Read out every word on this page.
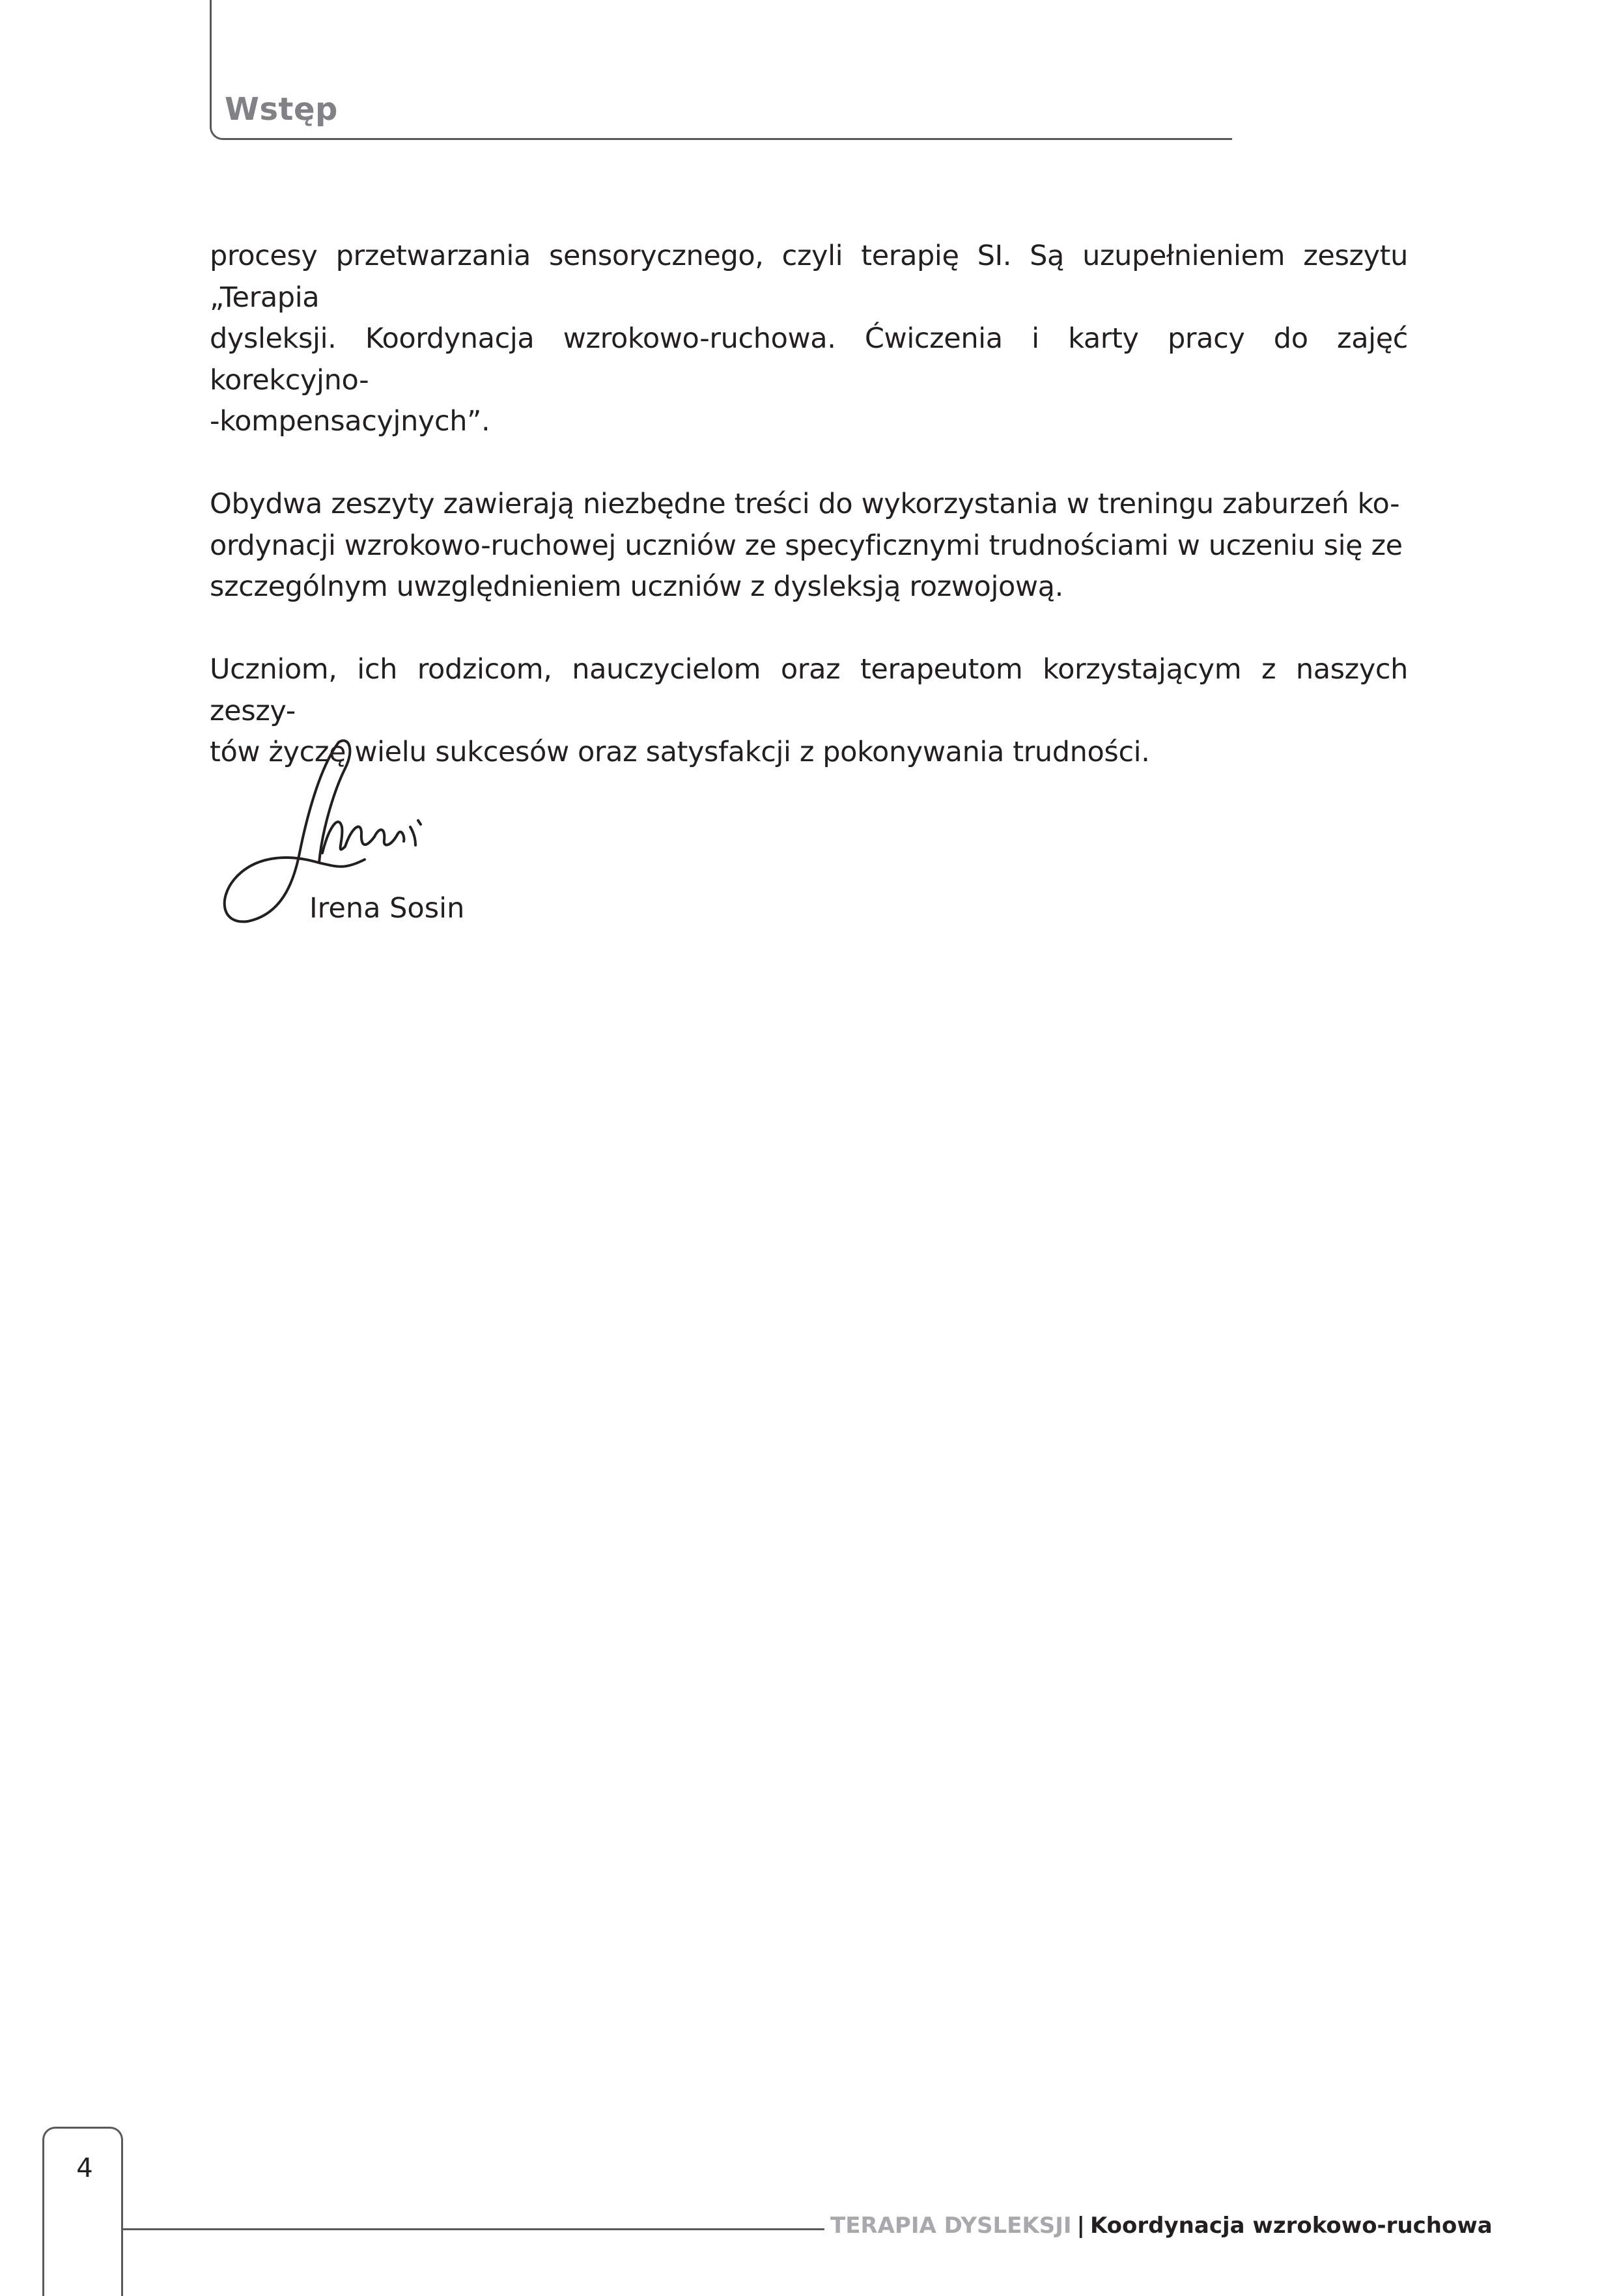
Wstęp

procesy przetwarzania sensorycznego, czyli terapię SI. Są uzupełnieniem zeszytu „Terapia
dysleksji. Koordynacja wzrokowo-ruchowa. Ćwiczenia i karty pracy do zajęć korekcyjno-
-kompensacyjnych”.

Obydwa zeszyty zawierają niezbędne treści do wykorzystania w treningu zaburzeń ko-
ordynacji wzrokowo-ruchowej uczniów ze specyficznymi trudnościami w uczeniu się ze
szczególnym uwzględnieniem uczniów z dysleksją rozwojową.

Uczniom, ich rodzicom, nauczycielom oraz terapeutom korzystającym z naszych zeszy-
tów życzę wielu sukcesów oraz satysfakcji z pokonywania trudności.

Irena Sosin
4
TERAPIA DYSLEKSJI | Koordynacja wzrokowo-ruchowa
